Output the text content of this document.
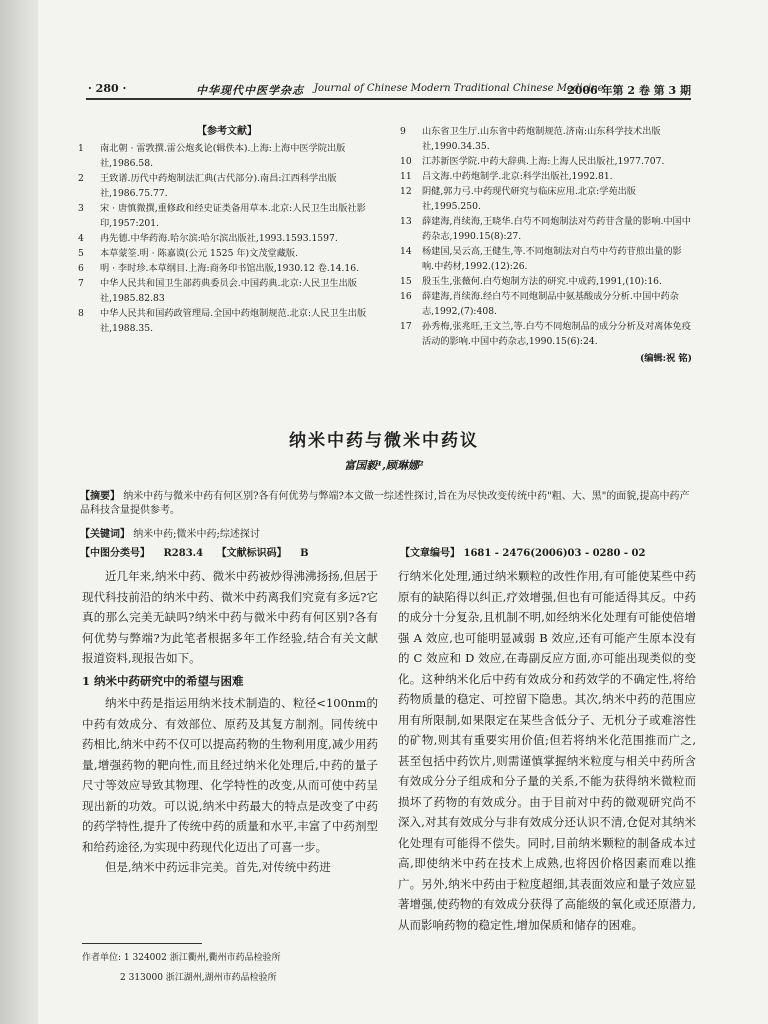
· 280 ·	中华现代中医学杂志 Journal of Chinese Modern Traditional Chinese Medicine
2006 年第 2 卷 第 3 期
【参考文献】
1	南北朝 · 雷敩撰.雷公炮炙论(辑佚本).上海:上海中医学院出版社,1986.58.
2	王致谱.历代中药炮制法汇典(古代部分).南昌:江西科学出版社,1986.75.77.
3	宋 · 唐慎微撰,重修政和经史证类备用草本.北京:人民卫生出版社影印,1957:201.
4	冉先德.中华药海.哈尔滨:哈尔滨出版社,1993.1593.1597.
5	本草蒙筌.明 · 陈嘉谟(公元 1525 年)文茂堂藏版.
6	明 · 李时珍.本草纲目.上海:商务印书馆出版,1930.12 卷.14.16.
7	中华人民共和国卫生部药典委员会.中国药典.北京:人民卫生出版社,1985.82.83
8	中华人民共和国药政管理局.全国中药炮制规范.北京:人民卫生出版社,1988.35.
9	山东省卫生厅.山东省中药炮制规范.济南:山东科学技术出版社,1990.34.35.
10	江苏新医学院.中药大辞典.上海:上海人民出版社,1977.707.
11	吕文海.中药炮制学.北京:科学出版社,1992.81.
12	阴健,郭力弓.中药现代研究与临床应用.北京:学苑出版社,1995.250.
13	薛建海,肖续海,王晓华.白芍不同炮制法对芍药苷含量的影响.中国中药杂志,1990.15(8):27.
14	杨建国,吴云高,王健生,等.不同炮制法对白芍中芍药苷煎出量的影响.中药材,1992.(12):26.
15	殷玉生,张薇何.白芍炮制方法的研究.中成药,1991,(10):16.
16	薛建海,肖续海.经白芍不同炮制品中氨基酸成分分析.中国中药杂志,1992,(7):408.
17	孙秀梅,张兆旺,王文兰,等.白芍不同炮制品的成分分析及对离体免疫活动的影响.中国中药杂志,1990.15(6):24.
(编辑:祝 铭)
纳米中药与微米中药议
富国毅¹,顾琳娜²
【摘要】 纳米中药与微米中药有何区别?各有何优势与弊端?本文做一综述性探讨,旨在为尽快改变传统中药"粗、大、黑"的面貌,提高中药产品科技含量提供参考。
【关键词】 纳米中药;微米中药;综述探讨
【中图分类号】 R283.4 【文献标识码】 B	【文章编号】 1681 - 2476(2006)03 - 0280 - 02

近几年来,纳米中药、微米中药被炒得沸沸扬扬,但居于现代科技前沿的纳米中药、微米中药离我们究竟有多远?它真的那么完美无缺吗?纳米中药与微米中药有何区别?各有何优势与弊端?为此笔者根据多年工作经验,结合有关文献报道资料,现报告如下。

1 纳米中药研究中的希望与困难

纳米中药是指运用纳米技术制造的、粒径<100nm的中药有效成分、有效部位、原药及其复方制剂。同传统中药相比,纳米中药不仅可以提高药物的生物利用度,减少用药量,增强药物的靶向性,而且经过纳米化处理后,中药的量子尺寸等效应导致其物理、化学特性的改变,从而可使中药呈现出新的功效。可以说,纳米中药最大的特点是改变了中药的药学特性,提升了传统中药的质量和水平,丰富了中药剂型和给药途径,为实现中药现代化迈出了可喜一步。

但是,纳米中药远非完美。首先,对传统中药进

行纳米化处理,通过纳米颗粒的改性作用,有可能使某些中药原有的缺陷得以纠正,疗效增强,但也有可能适得其反。中药的成分十分复杂,且机制不明,如经纳米化处理有可能使倍增强 A 效应,也可能明显减弱 B 效应,还有可能产生原本没有的 C 效应和 D 效应,在毒副反应方面,亦可能出现类似的变化。这种纳米化后中药有效成分和药效学的不确定性,将给药物质量的稳定、可控留下隐患。其次,纳米中药的范围应用有所限制,如果限定在某些含低分子、无机分子或难溶性的矿物,则其有重要实用价值;但若将纳米化范围推而广之,甚至包括中药饮片,则需谨慎掌握纳米粒度与相关中药所含有效成分分子组成和分子量的关系,不能为获得纳米微粒而损坏了药物的有效成分。由于目前对中药的微观研究尚不深入,对其有效成分与非有效成分还认识不清,仓促对其纳米化处理有可能得不偿失。同时,目前纳米颗粒的制备成本过高,即使纳米中药在技术上成熟,也将因价格因素而难以推广。另外,纳米中药由于粒度超细,其表面效应和量子效应显著增强,使药物的有效成分获得了高能级的氧化或还原潜力,从而影响药物的稳定性,增加保质和储存的困难。

作者单位: 1 324002 浙江衢州,衢州市药品检验所
2 313000 浙江湖州,湖州市药品检验所
